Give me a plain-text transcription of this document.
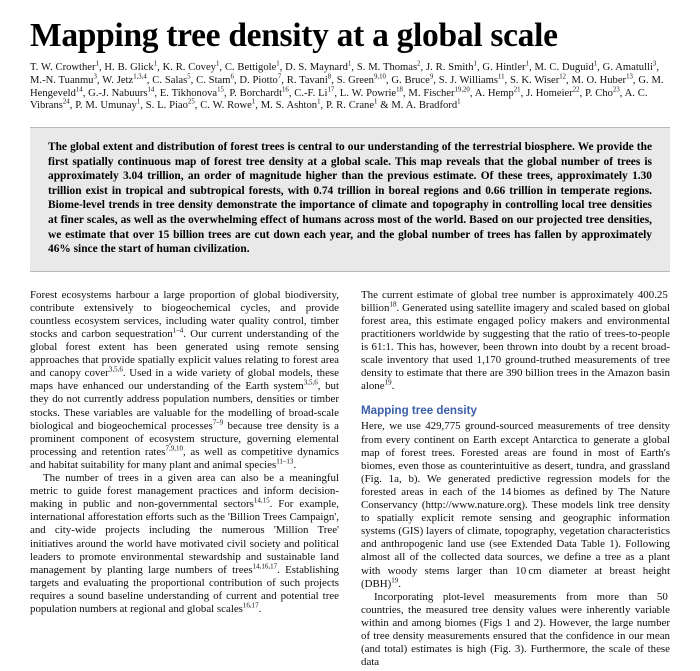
Mapping tree density at a global scale
T. W. Crowther$^1$, H. B. Glick$^1$, K. R. Covey$^1$, C. Bettigole$^1$, D. S. Maynard$^1$, S. M. Thomas$^2$, J. R. Smith$^1$, G. Hintler$^1$, M. C. Duguid$^1$, G. Amatulli$^3$, M.-N. Tuanmu$^3$, W. Jetz$^{1,3,4}$, C. Salas$^5$, C. Stam$^6$, D. Piotto$^7$, R. Tavani$^8$, S. Green$^{9,10}$, G. Bruce$^9$, S. J. Williams$^{11}$, S. K. Wiser$^{12}$, M. O. Huber$^{13}$, G. M. Hengeveld$^{14}$, G.-J. Nabuurs$^{14}$, E. Tikhonova$^{15}$, P. Borchardt$^{16}$, C.-F. Li$^{17}$, L. W. Powrie$^{18}$, M. Fischer$^{19,20}$, A. Hemp$^{21}$, J. Homeier$^{22}$, P. Cho$^{23}$, A. C. Vibrans$^{24}$, P. M. Umunay$^1$, S. L. Piao$^{25}$, C. W. Rowe$^1$, M. S. Ashton$^1$, P. R. Crane$^1$ & M. A. Bradford$^1$

The global extent and distribution of forest trees is central to our understanding of the terrestrial biosphere. We provide the first spatially continuous map of forest tree density at a global scale. This map reveals that the global number of trees is approximately 3.04 trillion, an order of magnitude higher than the previous estimate. Of these trees, approximately 1.30 trillion exist in tropical and subtropical forests, with 0.74 trillion in boreal regions and 0.66 trillion in temperate regions. Biome-level trends in tree density demonstrate the importance of climate and topography in controlling local tree densities at finer scales, as well as the overwhelming effect of humans across most of the world. Based on our projected tree densities, we estimate that over 15 billion trees are cut down each year, and the global number of trees has fallen by approximately 46% since the start of human civilization.

Forest ecosystems harbour a large proportion of global biodiversity, contribute extensively to biogeochemical cycles, and provide countless ecosystem services, including water quality control, timber stocks and carbon sequestration$^{1-4}$. Our current understanding of the global forest extent has been generated using remote sensing approaches that provide spatially explicit values relating to forest area and canopy cover$^{3,5,6}$. Used in a wide variety of global models, these maps have enhanced our understanding of the Earth system$^{3,5,6}$, but they do not currently address population numbers, densities or timber stocks. These variables are valuable for the modelling of broad-scale biological and biogeochemical processes$^{7-9}$ because tree density is a prominent component of ecosystem structure, governing elemental processing and retention rates$^{7,9,10}$, as well as competitive dynamics and habitat suitability for many plant and animal species$^{11-13}$.

The number of trees in a given area can also be a meaningful metric to guide forest management practices and inform decision-making in public and non-governmental sectors$^{14,15}$. For example, international afforestation efforts such as the 'Billion Trees Campaign', and city-wide projects including the numerous 'Million Tree' initiatives around the world have motivated civil society and political leaders to promote environmental stewardship and sustainable land management by planting large numbers of trees$^{14,16,17}$. Establishing targets and evaluating the proportional contribution of such projects requires a sound baseline understanding of current and potential tree population numbers at regional and global scales$^{16,17}$.

The current estimate of global tree number is approximately 400.25 billion$^{18}$. Generated using satellite imagery and scaled based on global forest area, this estimate engaged policy makers and environmental practitioners worldwide by suggesting that the ratio of trees-to-people is 61:1. This has, however, been thrown into doubt by a recent broad-scale inventory that used 1,170 ground-truthed measurements of tree density to estimate that there are 390 billion trees in the Amazon basin alone$^{19}$.

Mapping tree density

Here, we use 429,775 ground-sourced measurements of tree density from every continent on Earth except Antarctica to generate a global map of forest trees. Forested areas are found in most of Earth's biomes, even those as counterintuitive as desert, tundra, and grassland (Fig. 1a, b). We generated predictive regression models for the forested areas in each of the 14 biomes as defined by The Nature Conservancy (http://www.nature.org). These models link tree density to spatially explicit remote sensing and geographic information systems (GIS) layers of climate, topography, vegetation characteristics and anthropogenic land use (see Extended Data Table 1). Following almost all of the collected data sources, we define a tree as a plant with woody stems larger than 10 cm diameter at breast height (DBH)$^{19}$.

Incorporating plot-level measurements from more than 50 countries, the measured tree density values were inherently variable within and among biomes (Figs 1 and 2). However, the large number of tree density measurements ensured that the confidence in our mean (and total) estimates is high (Fig. 3). Furthermore, the scale of these data
